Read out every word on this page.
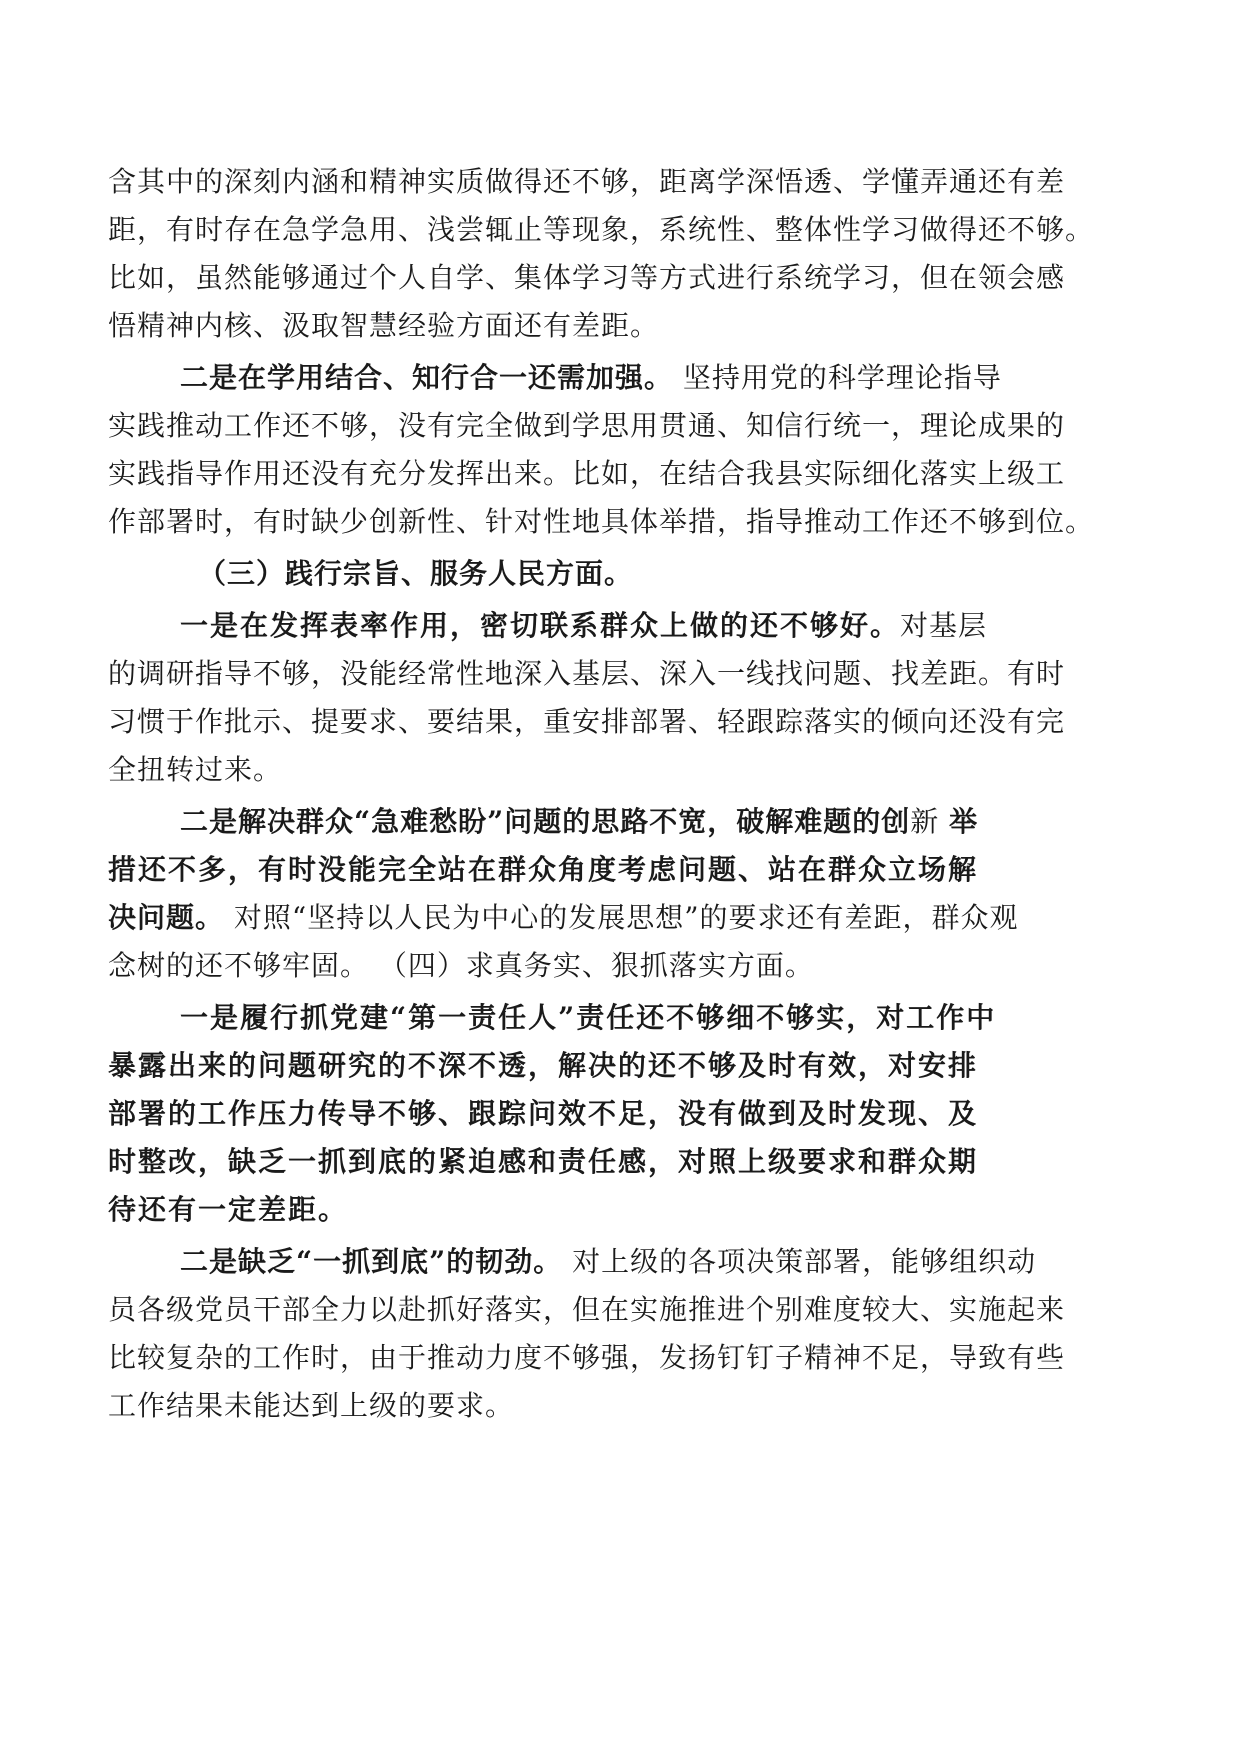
含其中的深刻内涵和精神实质做得还不够，距离学深悟透、学懂弄通还有差
距，有时存在急学急用、浅尝辄止等现象，系统性、整体性学习做得还不够。
比如，虽然能够通过个人自学、集体学习等方式进行系统学习，但在领会感
悟精神内核、汲取智慧经验方面还有差距。
二是在学用结合、知行合一还需加强。 坚持用党的科学理论指导
实践推动工作还不够，没有完全做到学思用贯通、知信行统一，理论成果的
实践指导作用还没有充分发挥出来。比如，在结合我县实际细化落实上级工
作部署时，有时缺少创新性、针对性地具体举措，指导推动工作还不够到位。
（三）践行宗旨、服务人民方面。
一是在发挥表率作用，密切联系群众上做的还不够好。对基层
的调研指导不够，没能经常性地深入基层、深入一线找问题、找差距。有时
习惯于作批示、提要求、要结果，重安排部署、轻跟踪落实的倾向还没有完
全扭转过来。
二是解决群众“急难愁盼”问题的思路不宽，破解难题的创新 举
措还不多，有时没能完全站在群众角度考虑问题、站在群众立场解
决问题。 对照“坚持以人民为中心的发展思想”的要求还有差距，群众观
念树的还不够牢固。 （四）求真务实、狠抓落实方面。
一是履行抓党建“第一责任人”责任还不够细不够实，对工作中
暴露出来的问题研究的不深不透，解决的还不够及时有效，对安排
部署的工作压力传导不够、跟踪问效不足，没有做到及时发现、及
时整改，缺乏一抓到底的紧迫感和责任感，对照上级要求和群众期
待还有一定差距。
二是缺乏“一抓到底”的韧劲。 对上级的各项决策部署，能够组织动
员各级党员干部全力以赴抓好落实，但在实施推进个别难度较大、实施起来
比较复杂的工作时，由于推动力度不够强，发扬钉钉子精神不足，导致有些
工作结果未能达到上级的要求。
